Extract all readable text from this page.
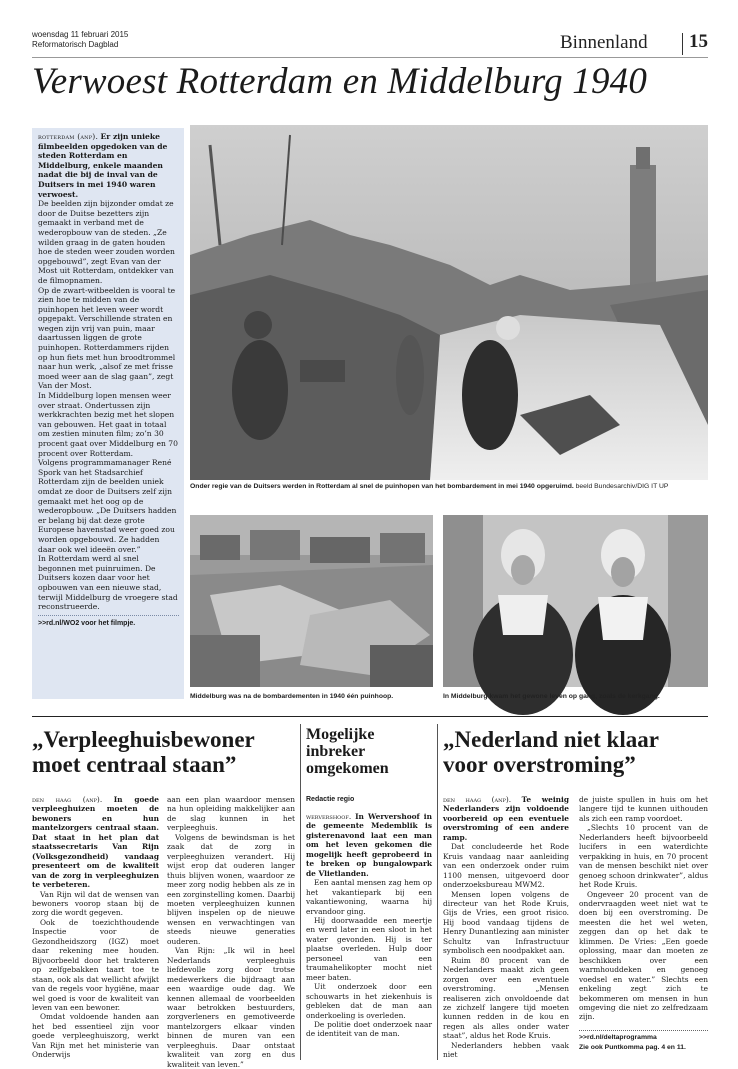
woensdag 11 februari 2015
Reformatorisch Dagblad	Binnenland 15
Verwoest Rotterdam en Middelburg 1940

rotterdam (anp). Er zijn unieke filmbeelden opgedoken van de steden Rotterdam en Middelburg, enkele maanden nadat die bij de inval van de Duitsers in mei 1940 waren verwoest.

De beelden zijn bijzonder omdat ze door de Duitse bezetters zijn gemaakt in verband met de wederopbouw van de steden. „Ze wilden graag in de gaten houden hoe de steden weer zouden worden opgebouwd”, zegt Evan van der Most uit Rotterdam, ontdekker van de filmopnamen.

Op de zwart-witbeelden is vooral te zien hoe te midden van de puinhopen het leven weer wordt opgepakt. Verschillende straten en wegen zijn vrij van puin, maar daartussen liggen de grote puinhopen. Rotterdammers rijden op hun fiets met hun broodtrommel naar hun werk, „alsof ze met frisse moed weer aan de slag gaan”, zegt Van der Most.

In Middelburg lopen mensen weer over straat. Ondertussen zijn werkkrachten bezig met het slopen van gebouwen. Het gaat in totaal om zestien minuten film; zo’n 30 procent gaat over Middelburg en 70 procent over Rotterdam.

Volgens programmamanager René Spork van het Stadsarchief Rotterdam zijn de beelden uniek omdat ze door de Duitsers zelf zijn gemaakt met het oog op de wederopbouw. „De Duitsers hadden er belang bij dat deze grote Europese havenstad weer goed zou worden opgebouwd. Ze hadden daar ook wel ideeën over.”

In Rotterdam werd al snel begonnen met puinruimen. De Duitsers kozen daar voor het opbouwen van een nieuwe stad, terwijl Middelburg de vroegere stad reconstrueerde.

>>rd.nl/WO2 voor het filmpje.
Onder regie van de Duitsers werden in Rotterdam al snel de puinhopen van het bombardement in mei 1940 opgeruimd. beeld Bundesarchiv/DIG IT UP
Middelburg was na de bombardementen in 1940 één puinhoop.	In Middelburg kwam het gewone leven op gang, zoals de kerkgang.
„Verpleeghuisbewoner moet centraal staan”

den haag (anp). In goede verpleeghuizen moeten de bewoners en hun mantelzorgers centraal staan. Dat staat in het plan dat staatssecretaris Van Rijn (Volksgezondheid) vandaag presenteert om de kwaliteit van de zorg in verpleeghuizen te verbeteren.

Van Rijn wil dat de wensen van bewoners voorop staan bij de zorg die wordt gegeven.

Ook de toezichthoudende Inspectie voor de Gezondheidszorg (IGZ) moet daar rekening mee houden. Bijvoorbeeld door het trakteren op zelfgebakken taart toe te staan, ook als dat wellicht afwijkt van de regels voor hygiëne, maar wel goed is voor de kwaliteit van leven van een bewoner.

Omdat voldoende handen aan het bed essentieel zijn voor goede verpleeghuiszorg, werkt Van Rijn met het ministerie van Onderwijs

aan een plan waardoor mensen na hun opleiding makkelijker aan de slag kunnen in het verpleeghuis.

Volgens de bewindsman is het zaak dat de zorg in verpleeghuizen verandert. Hij wijst erop dat ouderen langer thuis blijven wonen, waardoor ze meer zorg nodig hebben als ze in een zorginstelling komen. Daarbij moeten verpleeghuizen kunnen blijven inspelen op de nieuwe wensen en verwachtingen van steeds nieuwe generaties ouderen.

Van Rijn: „Ik wil in heel Nederlands verpleeghuis liefdevolle zorg door trotse medewerkers die bijdraagt aan een waardige oude dag. We kennen allemaal de voorbeelden waar betrokken bestuurders, zorgverleners en gemotiveerde mantelzorgers elkaar vinden binnen de muren van een verpleeghuis. Daar ontstaat kwaliteit van zorg en dus kwaliteit van leven.”

Mogelijke inbreker omgekomen
Redactie regio

wervershoof. In Wervershoof in de gemeente Medemblik is gisterenavond laat een man om het leven gekomen die mogelijk heeft geprobeerd in te breken op bungalowpark de Vlietlanden.

Een aantal mensen zag hem op het vakantiepark bij een vakantiewoning, waarna hij ervandoor ging.

Hij doorwaadde een meertje en werd later in een sloot in het water gevonden. Hij is ter plaatse overleden. Hulp door personeel van een traumahelikopter mocht niet meer baten.

Uit onderzoek door een schouwarts in het ziekenhuis is gebleken dat de man aan onderkoeling is overleden.

De politie doet onderzoek naar de identiteit van de man.

„Nederland niet klaar voor overstroming”

den haag (anp). Te weinig Nederlanders zijn voldoende voorbereid op een eventuele overstroming of een andere ramp.

Dat concludeerde het Rode Kruis vandaag naar aanleiding van een onderzoek onder ruim 1100 mensen, uitgevoerd door onderzoeksbureau MWM2.

Mensen lopen volgens de directeur van het Rode Kruis, Gijs de Vries, een groot risico. Hij bood vandaag tijdens de Henry Dunantlezing aan minister Schultz van Infrastructuur symbolisch een noodpakket aan.

Ruim 80 procent van de Nederlanders maakt zich geen zorgen over een eventuele overstroming. „Mensen realiseren zich onvoldoende dat ze zichzelf langere tijd moeten kunnen redden in de kou en regen als alles onder water staat”, aldus het Rode Kruis.

Nederlanders hebben vaak niet

de juiste spullen in huis om het langere tijd te kunnen uithouden als zich een ramp voordoet.

„Slechts 10 procent van de Nederlanders heeft bijvoorbeeld lucifers in een waterdichte verpakking in huis, en 70 procent van de mensen beschikt niet over genoeg schoon drinkwater”, aldus het Rode Kruis.

Ongeveer 20 procent van de ondervraagden weet niet wat te doen bij een overstroming. De meesten die het wel weten, zeggen dan op het dak te klimmen. De Vries: „Een goede oplossing, maar dan moeten ze beschikken over een warmhouddeken en genoeg voedsel en water.” Slechts een enkeling zegt zich te bekommeren om mensen in hun omgeving die niet zo zelfredzaam zijn.

>>rd.nl/deltaprogramma
Zie ook Puntkomma pag. 4 en 11.
